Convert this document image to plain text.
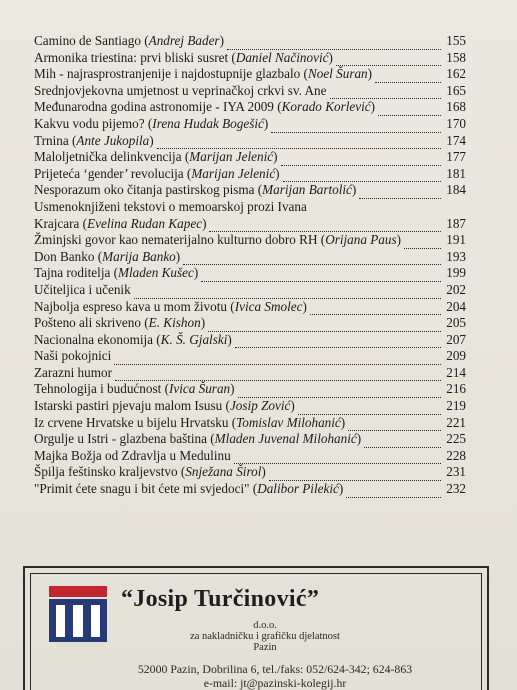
Camino de Santiago (Andrej Bader)	155
Armonika triestina: prvi bliski susret (Daniel Načinović)	158
Mih - najrasprostranjenije i najdostupnije glazbalo (Noel Šuran)	162
Srednjovjekovna umjetnost u veprinačkoj crkvi sv. Ane	165
Međunarodna godina astronomije - IYA 2009 (Korado Korlević)	168
Kakvu vodu pijemo? (Irena Hudak Bogešić)	170
Trnina (Ante Jukopila)	174
Maloljetnička delinkvencija (Marijan Jelenić)	177
Prijeteća ‘gender’ revolucija (Marijan Jelenić)	181
Nesporazum oko čitanja pastirskog pisma (Marijan Bartolić)	184
Usmenoknjiženi tekstovi o memoarskoj prozi Ivana
Krajcara (Evelina Rudan Kapec)	187
Žminjski govor kao nematerijalno kulturno dobro RH (Orijana Paus)	191
Don Banko (Marija Banko)	193
Tajna roditelja (Mladen Kušec)	199
Učiteljica i učenik	202
Najbolja espreso kava u mom životu (Ivica Smolec)	204
Pošteno ali skriveno (E. Kishon)	205
Nacionalna ekonomija (K. Š. Gjalski)	207
Naši pokojnici	209
Zarazni humor	214
Tehnologija i budućnost (Ivica Šuran)	216
Istarski pastiri pjevaju malom Isusu (Josip Zović)	219
Iz crvene Hrvatske u bijelu Hrvatsku (Tomislav Milohanić)	221
Orgulje u Istri - glazbena baština (Mladen Juvenal Milohanić)	225
Majka Božja od Zdravlja u Medulinu	228
Špilja feštinsko kraljevstvo (Snježana Širol)	231
"Primit ćete snagu i bit ćete mi svjedoci" (Dalibor Pilekić)	232
“Josip Turčinović”
d.o.o.
za nakladničku i grafičku djelatnost
Pazin
52000 Pazin, Dobrilina 6, tel./faks: 052/624-342; 624-863
e-mail: jt@pazinski-kolegij.hr
